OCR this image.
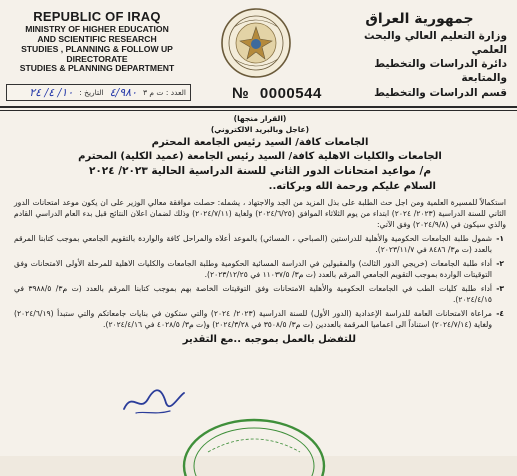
REPUBLIC OF IRAQ
MINISTRY OF HIGHER EDUCATION
AND SCIENTIFIC RESEARCH
STUDIES , PLANNING & FOLLOW UP DIRECTORATE
STUDIES & PLANNING DEPARTMENT
جمهورية العراق
وزارة التعليم العالي والبحث العلمي
دائرة الدراسات والتخطيط والمتابعة
قسم الدراسات والتخطيط
العدد : ت م ٣
٤/٩٨٠
التاريخ :
١٠/ ٤/ ٢٤	№ 0000544
(القرار منجها)
(عاجل وبالبريد الالكتروني)
الجامعات كافة/ السيد رئيس الجامعة المحترم
الجامعات والكليات الاهلية كافة/ السيد رئيس الجامعة (عميد الكلية) المحترم
م/ مواعيد امتحانات الدور الثاني للسنة الدراسية الحالية ٢٠٢٣/ ٢٠٢٤
السلام عليكم ورحمة الله وبركاته..
استكمالاً للمسيرة العلمية ومن اجل حث الطلبة على بذل المزيد من الجد والاجتهاد ، يشمله: حصلت موافقة معالي الوزير على ان يكون موعد امتحانات الدور الثاني للسنة الدراسية (٢٠٢٣/ ٢٠٢٤) ابتداء من يوم الثلاثاء الموافق (٢٠٢٤/٦/٢٥) ولغاية (٢٠٢٤/٧/١١) وذلك لضمان اعلان النتائج قبل بدء العام الدراسي القادم والذي سيكون في (٢٠٢٤/٩/٨) وفق الآتي:
١-
شمول طلبة الجامعات الحكومية والأهلية للدراستين (الصباحي ، المسائي) بالموعد أعلاه والمراحل كافة والواردة بالتقويم الجامعي بموجب كتابنا المرقم بالعدد (ت م٣/ ٨٤٨٦ في ٢٠٢٣/١١/٧).
٢-
أداء طلبة الجامعات (خريجي الدور الثالث) والمقبولين في الدراسة المسائية الحكومية وطلبة الجامعات والكليات الاهلية للمرحلة الأولى الامتحانات وفق التوقيتات الواردة بموجب التقويم الجامعي المرقم بالعدد (ت م٣/ ١١٠٣٧/٥ في ٢٠٢٣/١٢/٢٥).
٣-
أداء طلبة كليات الطب في الجامعات الحكومية والأهلية الامتحانات وفق التوقيتات الخاصة بهم بموجب كتابنا المرقم بالعدد (ت م٣/ ٣٩٨٨/٥ في ٢٠٢٤/٤/١٥).
٤-
مراعاة الامتحانات العامة للدراسة الإعدادية (الدور الأول) للسنة الدراسية (٢٠٢٣/ ٢٠٢٤) والتي ستكون في بنايات جامعاتكم والتي ستبدأ (٢٠٢٤/٦/١٩) ولغاية (٢٠٢٤/٧/١٤) استناداً الى اعماميا المرقمة بالعددين (ت م٣/ ٣٥٠٨/٥ في ٢٠٢٤/٣/٢٨) و(ت م٣/ ٤٠٢٨/٥ في ٢٠٢٤/٤/١٦).
للتفضل بالعمل بموجبه ..مع التقدير
